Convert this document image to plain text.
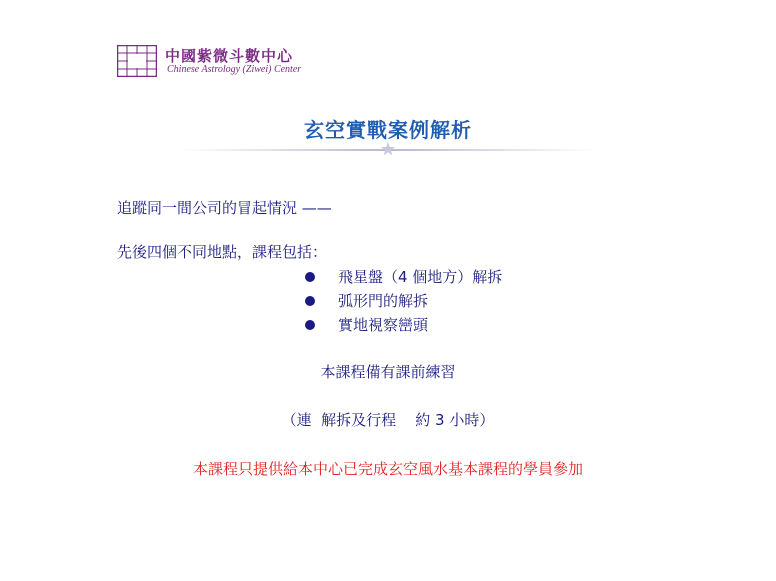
中國紫微斗數中心
Chinese Astrology (Ziwei) Center
玄空實戰案例解析
追蹤同一間公司的冒起情況 ——
先後四個不同地點，課程包括：
飛星盤（4 個地方）解拆
弧形門的解拆
實地視察巒頭
本課程備有課前練習
（連  解拆及行程    約 3 小時）
本課程只提供給本中心已完成玄空風水基本課程的學員參加
